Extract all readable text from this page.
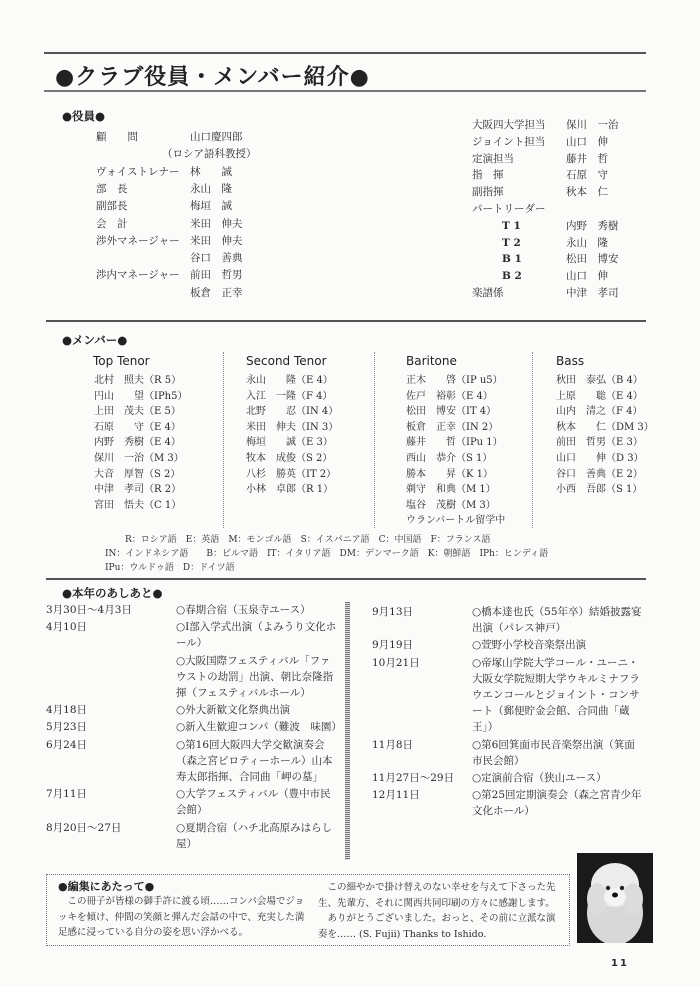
●クラブ役員・メンバー紹介●
●役員●
顧　　問	山口慶四郎
（ロシア語科教授）
ヴォイストレナー 林　　誠
部　長	永山　隆
副部長	梅垣　誠
会　計	米田　伸夫
渉外マネージャー 米田　伸夫
谷口　善典
渉内マネージャー 前田　哲男
板倉　正幸
大阪四大学担当 保川　一治
ジョイント担当 山口　伸
定演担当	藤井　哲
指　揮	石原　守
副指揮	秋本　仁
パートリーダー
T 1	内野　秀樹
T 2	永山　隆
B 1	松田　博安
B 2	山口　伸
楽譜係	中津　孝司
●メンバー●
Top Tenor
北村　照夫（R 5）
円山　　望（IPh5）
上田　茂夫（E 5）
石原　　守（E 4）
内野　秀樹（E 4）
保川　一治（M 3）
大音　厚智（S 2）
中津　孝司（R 2）
宮田　悟夫（C 1）
Second Tenor
永山　　隆（E 4）
入江　一隆（F 4）
北野　　忍（IN 4）
米田　伸夫（IN 3）
梅垣　　誠（E 3）
牧本　成俊（S 2）
八杉　勝英（IT 2）
小林　卓郎（R 1）
Baritone
正木　　啓（IP u5）
佐戸　裕彰（E 4）
松田　博安（IT 4）
板倉　正幸（IN 2）
藤井　　哲（IPu 1）
西山　恭介（S 1）
勝本　　昇（K 1）
剃守　和典（M 1）
塩谷　茂樹（M 3）
ウランバートル留学中
Bass
秋田　泰弘（B 4）
上原　　聡（E 4）
山内　清之（F 4）
秋本　　仁（DM 3）
前田　哲男（E 3）
山口　　伸（D 3）
谷口　善典（E 2）
小西　吾郎（S 1）
R：ロシア語　E：英語　M：モンゴル語　S：イスパニア語　C：中国語　F：フランス語
IN：インドネシア語　　B：ビルマ語　IT：イタリア語　DM：デンマーク語　K：朝鮮語　IPh：ヒンディ語
IPu：ウルドゥ語　D：ドイツ語
●本年のあしあと●
3月30日～4月3日	○春期合宿（玉泉寺ユース）
4月10日	○Ⅰ部入学式出演（よみうり文化ホール）
○大阪国際フェスティバル「ファウストの劫罰」出演、朝比奈隆指揮（フェスティバルホール）
4月18日	○外大新歓文化祭典出演
5月23日	○新入生歓迎コンパ（難波　味園）
6月24日	○第16回大阪四大学交歓演奏会（森之宮ピロティーホール）山本寿太郎指揮、合同曲「岬の墓」
7月11日	○大学フェスティバル（豊中市民会館）
8月20日～27日	○夏期合宿（ハチ北高原みはらし屋）
9月13日	○橋本達也氏（55年卒）結婚披露宴出演（パレス神戸）
9月19日	○萱野小学校音楽祭出演
10月21日	○帝塚山学院大学コール・ユーニ・大阪女学院短期大学ウキルミナフラウエンコールとジョイント・コンサート（郵便貯金会館、合同曲「蔵王」）
11月8日	○第6回箕面市民音楽祭出演（箕面市民会館）
11月27日～29日 ○定演前合宿（狭山ユース）
12月11日	○第25回定期演奏会（森之宮青少年文化ホール）
●編集にあたって●
　この冊子が皆様の御手許に渡る頃……コンパ会場でジョッキを傾け、仲間の笑顔と弾んだ会話の中で、充実した満足感に浸っている自分の姿を思い浮かべる。
　この細やかで掛け替えのない幸せを与えて下さった先生、先輩方、それに関西共同印刷の方々に感謝します。
　ありがとうございました。おっと、その前に立派な演奏を…… (S. Fujii) Thanks to Ishido.
11
